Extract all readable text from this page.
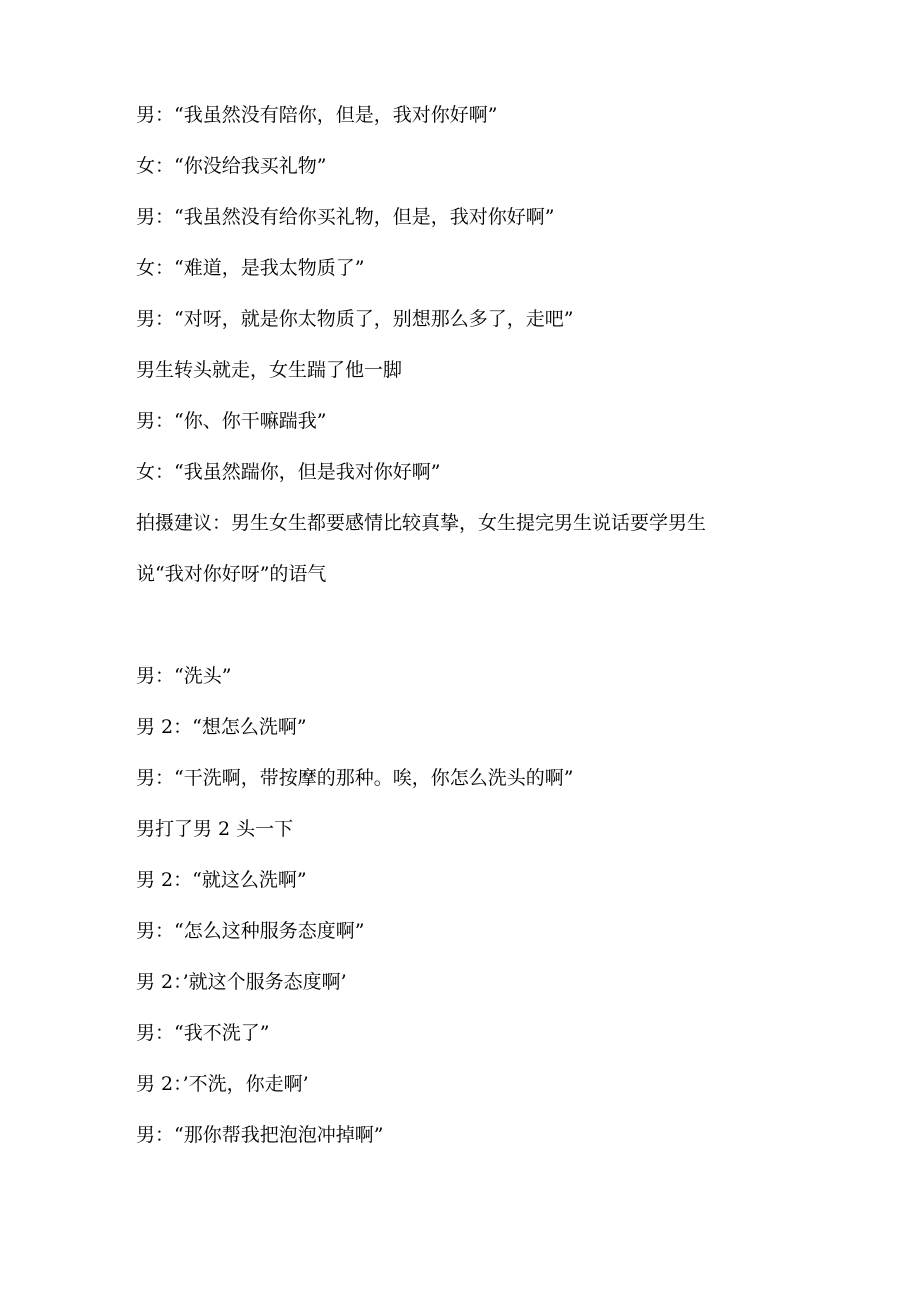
男：“我虽然没有陪你，但是，我对你好啊”

女：“你没给我买礼物”

男：“我虽然没有给你买礼物，但是，我对你好啊”

女：“难道，是我太物质了”

男：“对呀，就是你太物质了，别想那么多了，走吧”

男生转头就走，女生踹了他一脚

男：“你、你干嘛踹我”

女：“我虽然踹你，但是我对你好啊”

拍摄建议：男生女生都要感情比较真挚，女生提完男生说话要学男生

说“我对你好呀”的语气

男：“洗头”

男 2：“想怎么洗啊”

男：“干洗啊，带按摩的那种。唉，你怎么洗头的啊”

男打了男 2 头一下

男 2：“就这么洗啊”

男：“怎么这种服务态度啊”

男 2：’就这个服务态度啊’

男：“我不洗了”

男 2：’不洗，你走啊’

男：“那你帮我把泡泡冲掉啊”
